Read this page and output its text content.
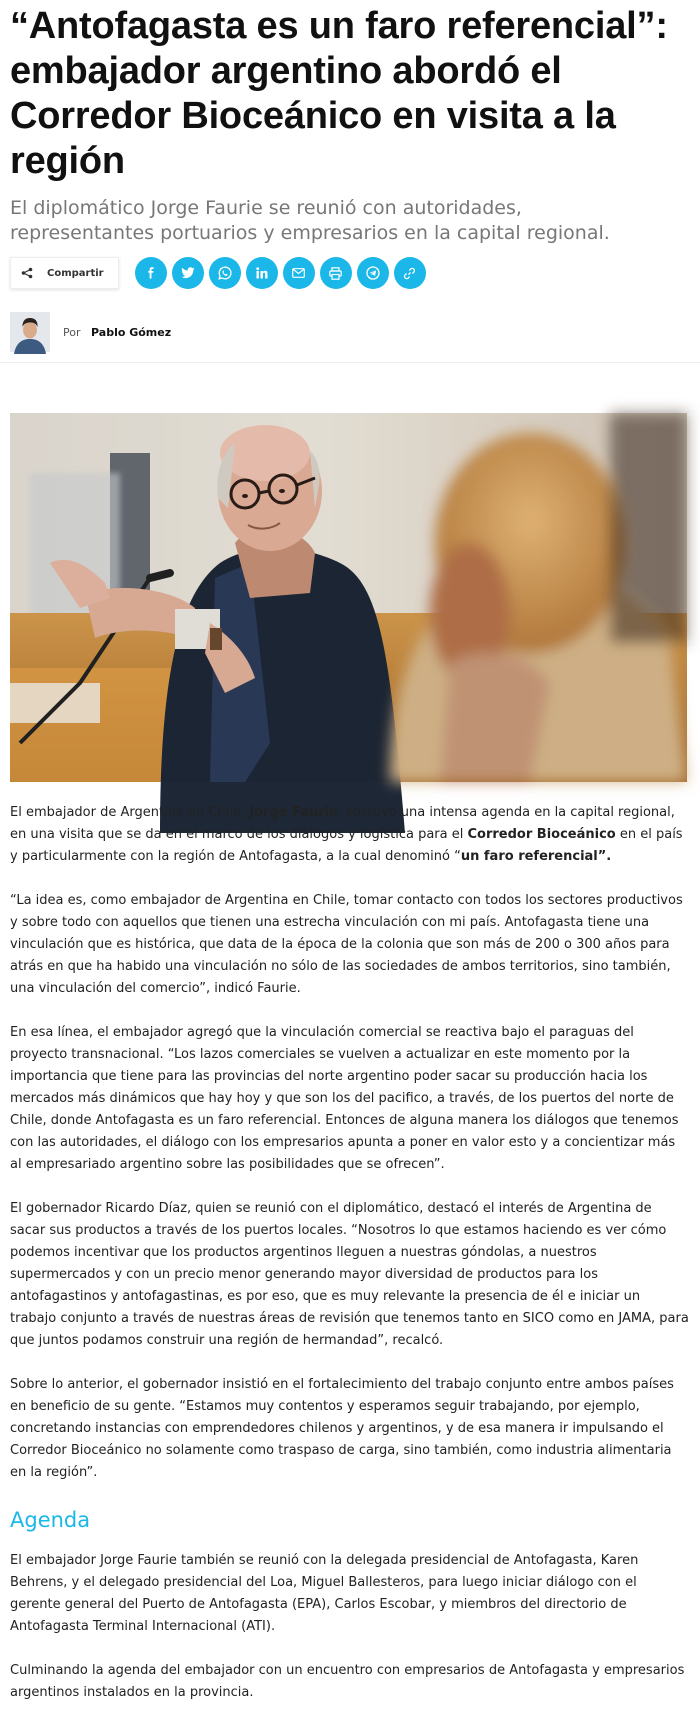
“Antofagasta es un faro referencial”: embajador argentino abordó el Corredor Bioceánico en visita a la región

El diplomático Jorge Faurie se reunió con autoridades, representantes portuarios y empresarios en la capital regional.

Compartir
Por Pablo Gómez

El embajador de Argentina en Chile, Jorge Faurie, sostuvo una intensa agenda en la capital regional, en una visita que se da en el marco de los diálogos y logística para el Corredor Bioceánico en el país y particularmente con la región de Antofagasta, a la cual denominó “un faro referencial”.

“La idea es, como embajador de Argentina en Chile, tomar contacto con todos los sectores productivos y sobre todo con aquellos que tienen una estrecha vinculación con mi país. Antofagasta tiene una vinculación que es histórica, que data de la época de la colonia que son más de 200 o 300 años para atrás en que ha habido una vinculación no sólo de las sociedades de ambos territorios, sino también, una vinculación del comercio”, indicó Faurie.

En esa línea, el embajador agregó que la vinculación comercial se reactiva bajo el paraguas del proyecto transnacional. “Los lazos comerciales se vuelven a actualizar en este momento por la importancia que tiene para las provincias del norte argentino poder sacar su producción hacia los mercados más dinámicos que hay hoy y que son los del pacifico, a través, de los puertos del norte de Chile, donde Antofagasta es un faro referencial. Entonces de alguna manera los diálogos que tenemos con las autoridades, el diálogo con los empresarios apunta a poner en valor esto y a concientizar más al empresariado argentino sobre las posibilidades que se ofrecen”.

El gobernador Ricardo Díaz, quien se reunió con el diplomático, destacó el interés de Argentina de sacar sus productos a través de los puertos locales. “Nosotros lo que estamos haciendo es ver cómo podemos incentivar que los productos argentinos lleguen a nuestras góndolas, a nuestros supermercados y con un precio menor generando mayor diversidad de productos para los antofagastinos y antofagastinas, es por eso, que es muy relevante la presencia de él e iniciar un trabajo conjunto a través de nuestras áreas de revisión que tenemos tanto en SICO como en JAMA, para que juntos podamos construir una región de hermandad”, recalcó.

Sobre lo anterior, el gobernador insistió en el fortalecimiento del trabajo conjunto entre ambos países en beneficio de su gente. “Estamos muy contentos y esperamos seguir trabajando, por ejemplo, concretando instancias con emprendedores chilenos y argentinos, y de esa manera ir impulsando el Corredor Bioceánico no solamente como traspaso de carga, sino también, como industria alimentaria en la región”.

Agenda

El embajador Jorge Faurie también se reunió con la delegada presidencial de Antofagasta, Karen Behrens, y el delegado presidencial del Loa, Miguel Ballesteros, para luego iniciar diálogo con el gerente general del Puerto de Antofagasta (EPA), Carlos Escobar, y miembros del directorio de Antofagasta Terminal Internacional (ATI).

Culminando la agenda del embajador con un encuentro con empresarios de Antofagasta y empresarios argentinos instalados en la provincia.
